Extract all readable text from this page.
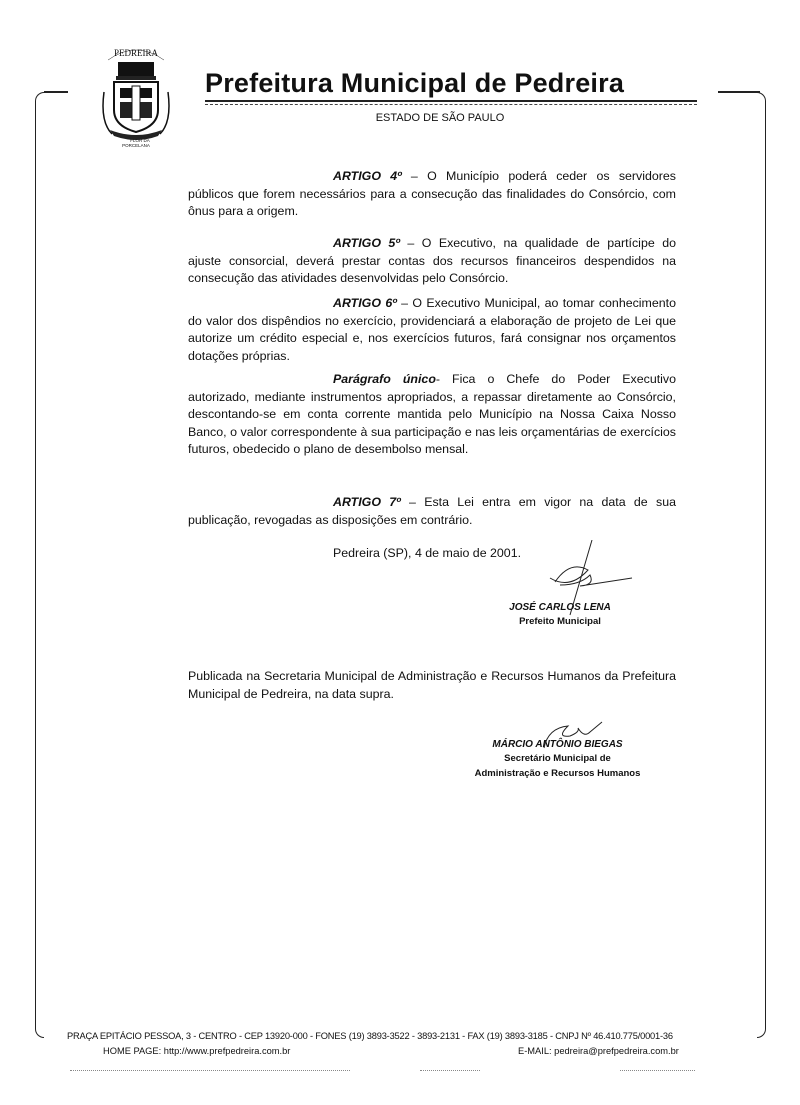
PEDREIRA
FLOR DA
PORCELANA
Prefeitura Municipal de Pedreira
ESTADO DE SÃO PAULO
ARTIGO 4º – O Município poderá ceder os servidores públicos que forem necessários para a consecução das finalidades do Consórcio, com ônus para a origem.
ARTIGO 5º – O Executivo, na qualidade de partícipe do ajuste consorcial, deverá prestar contas dos recursos financeiros despendidos na consecução das atividades desenvolvidas pelo Consórcio.
ARTIGO 6º – O Executivo Municipal, ao tomar conhecimento do valor dos dispêndios no exercício, providenciará a elaboração de projeto de Lei que autorize um crédito especial e, nos exercícios futuros, fará consignar nos orçamentos dotações próprias.
Parágrafo único- Fica o Chefe do Poder Executivo autorizado, mediante instrumentos apropriados, a repassar diretamente ao Consórcio, descontando-se em conta corrente mantida pelo Município na Nossa Caixa Nosso Banco, o valor correspondente à sua participação e nas leis orçamentárias de exercícios futuros, obedecido o plano de desembolso mensal.
ARTIGO 7º – Esta Lei entra em vigor na data de sua publicação, revogadas as disposições em contrário.
Pedreira (SP), 4 de maio de 2001.
JOSÉ CARLOS LENA
Prefeito Municipal
Publicada na Secretaria Municipal de Administração e Recursos Humanos da Prefeitura Municipal de Pedreira, na data supra.
MÁRCIO ANTÔNIO BIEGAS
Secretário Municipal de
Administração e Recursos Humanos
PRAÇA EPITÁCIO PESSOA, 3 - CENTRO - CEP 13920-000 - FONES (19) 3893-3522 - 3893-2131 - FAX (19) 3893-3185 - CNPJ Nº 46.410.775/0001-36
HOME PAGE: http://www.prefpedreira.com.br	E-MAIL: pedreira@prefpedreira.com.br
